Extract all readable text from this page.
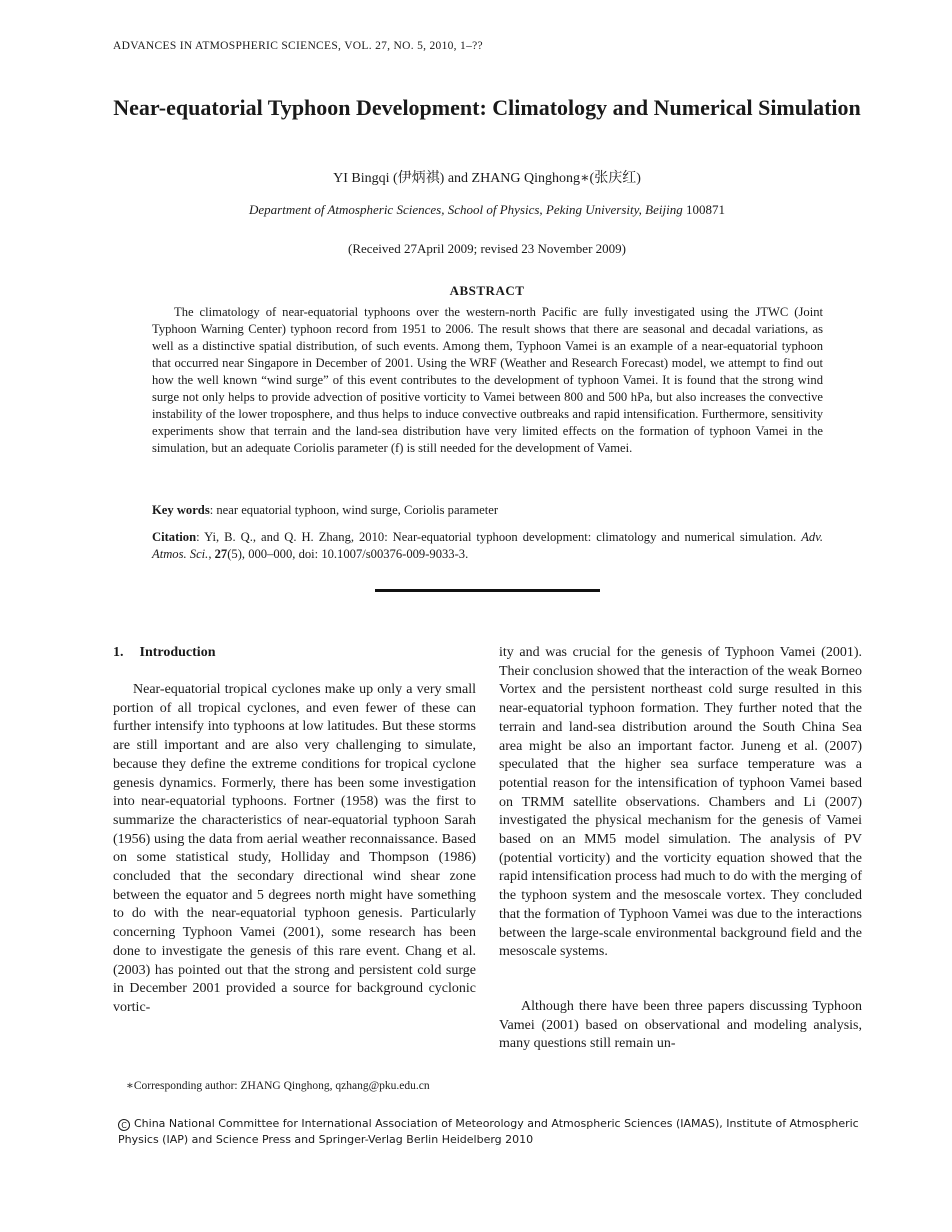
ADVANCES IN ATMOSPHERIC SCIENCES, VOL. 27, NO. 5, 2010, 1–??
Near-equatorial Typhoon Development: Climatology and Numerical Simulation
YI Bingqi (伊炳祺) and ZHANG Qinghong∗(张庆红)
Department of Atmospheric Sciences, School of Physics, Peking University, Beijing 100871
(Received 27April 2009; revised 23 November 2009)
ABSTRACT

The climatology of near-equatorial typhoons over the western-north Pacific are fully investigated using the JTWC (Joint Typhoon Warning Center) typhoon record from 1951 to 2006. The result shows that there are seasonal and decadal variations, as well as a distinctive spatial distribution, of such events. Among them, Typhoon Vamei is an example of a near-equatorial typhoon that occurred near Singapore in December of 2001. Using the WRF (Weather and Research Forecast) model, we attempt to find out how the well known “wind surge” of this event contributes to the development of typhoon Vamei. It is found that the strong wind surge not only helps to provide advection of positive vorticity to Vamei between 800 and 500 hPa, but also increases the convective instability of the lower troposphere, and thus helps to induce convective outbreaks and rapid intensification. Furthermore, sensitivity experiments show that terrain and the land-sea distribution have very limited effects on the formation of typhoon Vamei in the simulation, but an adequate Coriolis parameter (f) is still needed for the development of Vamei.

Key words: near equatorial typhoon, wind surge, Coriolis parameter
Citation: Yi, B. Q., and Q. H. Zhang, 2010: Near-equatorial typhoon development: climatology and numerical simulation. Adv. Atmos. Sci., 27(5), 000–000, doi: 10.1007/s00376-009-9033-3.
1. Introduction

Near-equatorial tropical cyclones make up only a very small portion of all tropical cyclones, and even fewer of these can further intensify into typhoons at low latitudes. But these storms are still important and are also very challenging to simulate, because they define the extreme conditions for tropical cyclone genesis dynamics. Formerly, there has been some investigation into near-equatorial typhoons. Fortner (1958) was the first to summarize the characteristics of near-equatorial typhoon Sarah (1956) using the data from aerial weather reconnaissance. Based on some statistical study, Holliday and Thompson (1986) concluded that the secondary directional wind shear zone between the equator and 5 degrees north might have something to do with the near-equatorial typhoon genesis. Particularly concerning Typhoon Vamei (2001), some research has been done to investigate the genesis of this rare event. Chang et al. (2003) has pointed out that the strong and persistent cold surge in December 2001 provided a source for background cyclonic vortic-

ity and was crucial for the genesis of Typhoon Vamei (2001). Their conclusion showed that the interaction of the weak Borneo Vortex and the persistent northeast cold surge resulted in this near-equatorial typhoon formation. They further noted that the terrain and land-sea distribution around the South China Sea area might be also an important factor. Juneng et al. (2007) speculated that the higher sea surface temperature was a potential reason for the intensification of typhoon Vamei based on TRMM satellite observations. Chambers and Li (2007) investigated the physical mechanism for the genesis of Vamei based on an MM5 model simulation. The analysis of PV (potential vorticity) and the vorticity equation showed that the rapid intensification process had much to do with the merging of the typhoon system and the mesoscale vortex. They concluded that the formation of Typhoon Vamei was due to the interactions between the large-scale environmental background field and the mesoscale systems.

Although there have been three papers discussing Typhoon Vamei (2001) based on observational and modeling analysis, many questions still remain un-

∗Corresponding author: ZHANG Qinghong, qzhang@pku.edu.cn
C China National Committee for International Association of Meteorology and Atmospheric Sciences (IAMAS), Institute of Atmospheric Physics (IAP) and Science Press and Springer-Verlag Berlin Heidelberg 2010
